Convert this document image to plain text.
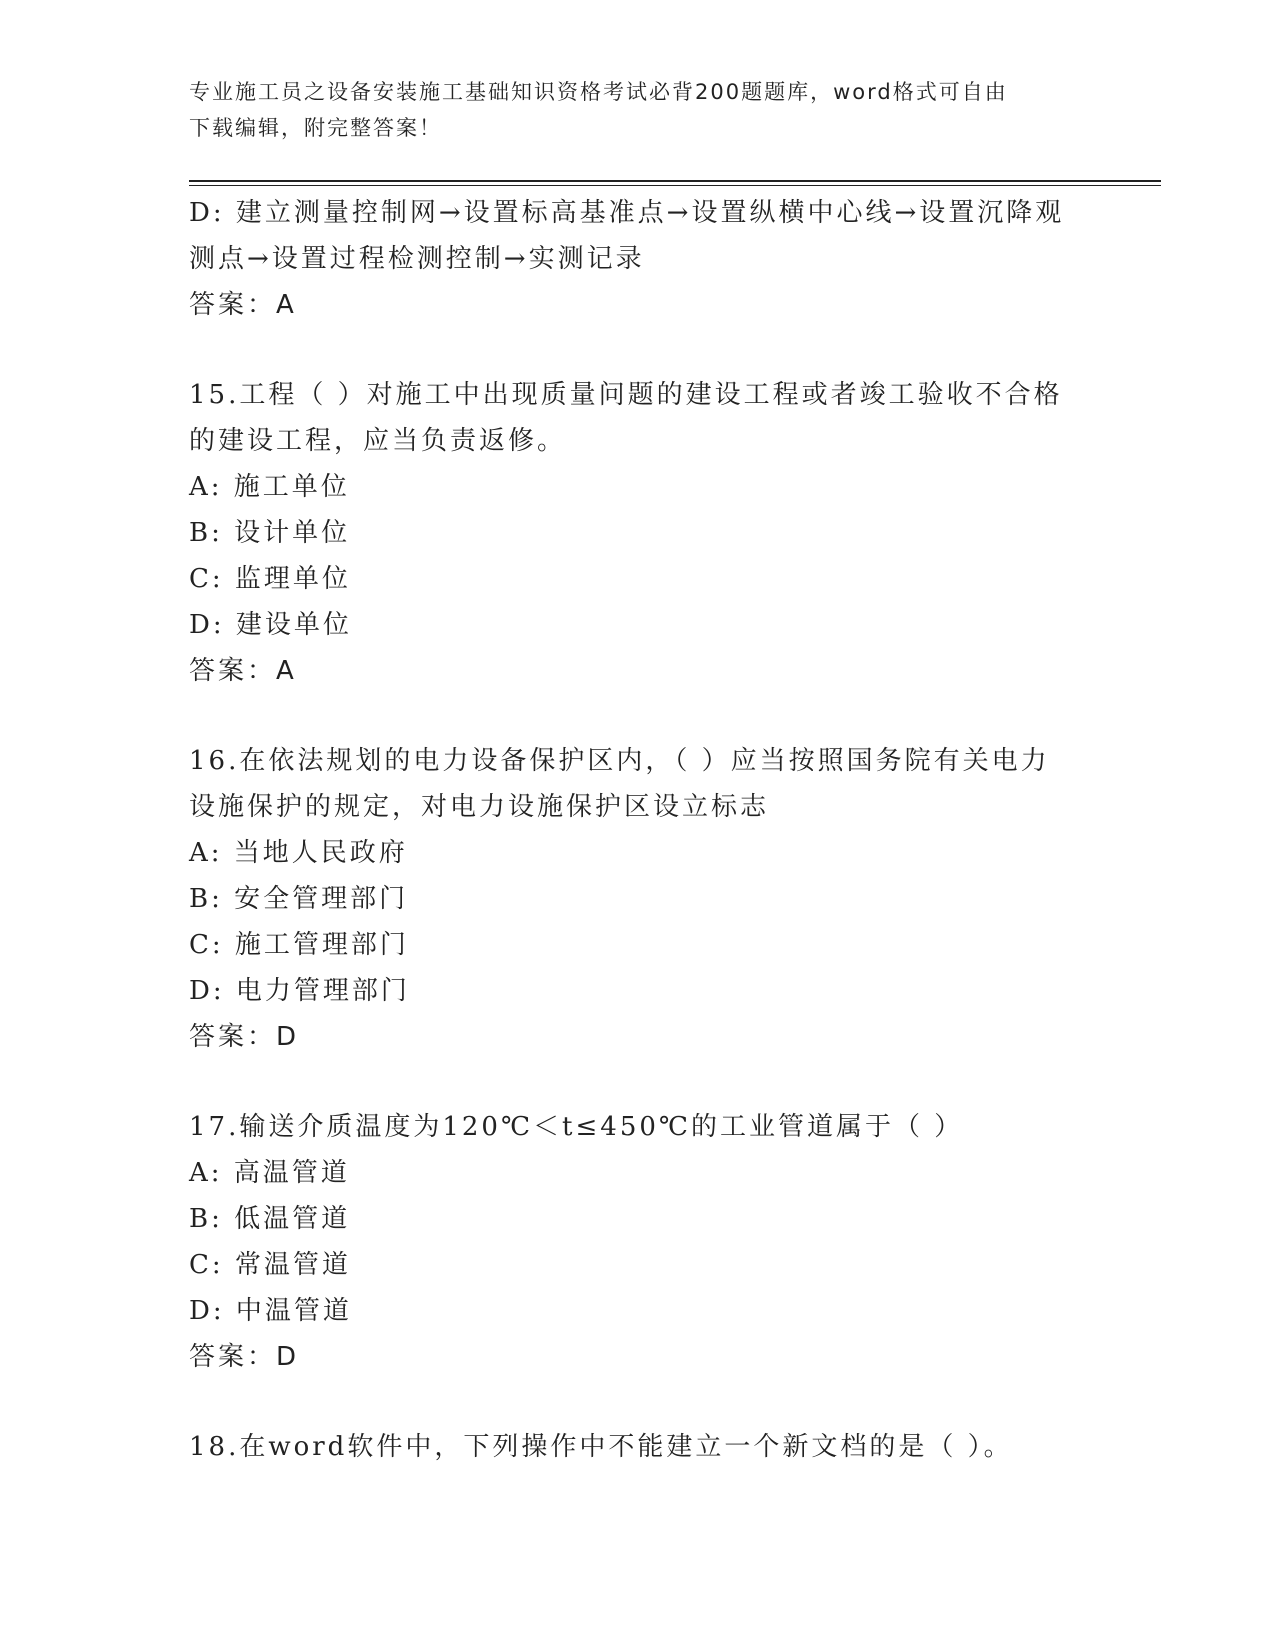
专业施工员之设备安装施工基础知识资格考试必背200题题库，word格式可自由
下载编辑，附完整答案！
D: 建立测量控制网→设置标高基准点→设置纵横中心线→设置沉降观
测点→设置过程检测控制→实测记录
答案：A
15.工程（ ）对施工中出现质量问题的建设工程或者竣工验收不合格
的建设工程，应当负责返修。
A: 施工单位
B: 设计单位
C: 监理单位
D: 建设单位
答案：A
16.在依法规划的电力设备保护区内，（ ）应当按照国务院有关电力
设施保护的规定，对电力设施保护区设立标志
A: 当地人民政府
B: 安全管理部门
C: 施工管理部门
D: 电力管理部门
答案：D
17.输送介质温度为120℃＜t≤450℃的工业管道属于（ ）
A: 高温管道
B: 低温管道
C: 常温管道
D: 中温管道
答案：D
18.在word软件中，下列操作中不能建立一个新文档的是（ ）。
